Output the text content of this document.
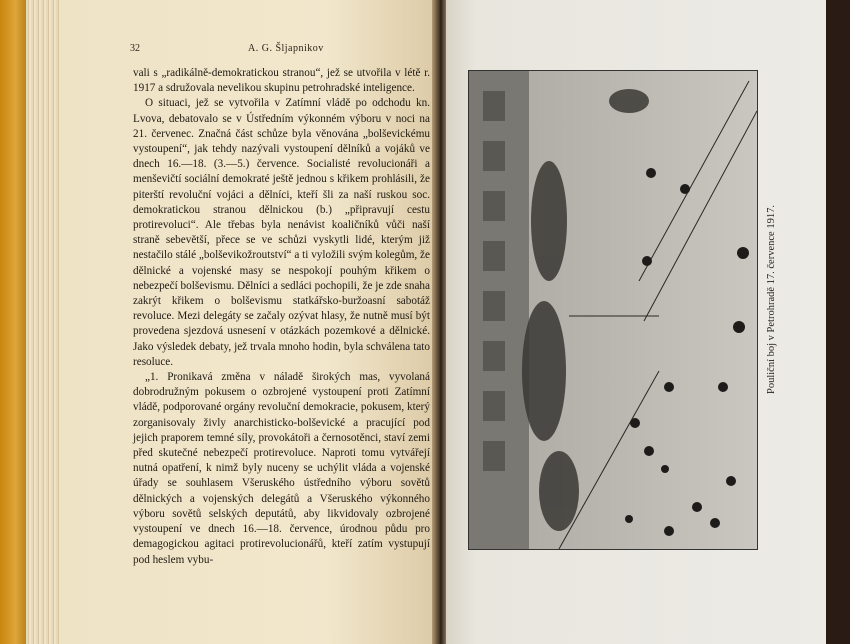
32	A. G. Šljapnikov

vali s „radikálně-demokratickou stranou“, jež se utvořila v létě r. 1917 a sdružovala nevelikou skupinu petrohradské inteligence.

O situaci, jež se vytvořila v Zatímní vládě po odchodu kn. Lvova, debatovalo se v Ústředním výkonném výboru v noci na 21. červenec. Značná část schůze byla věnována „bolševickému vystoupení“, jak tehdy nazývali vystoupení dělníků a vojáků ve dnech 16.—18. (3.—5.) července. Socialisté revolucionáři a menševičtí sociální demokraté ještě jednou s křikem prohlásili, že piterští revoluční vojáci a dělníci, kteří šli za naší ruskou soc. demokratickou stranou dělnickou (b.) „připravují cestu protirevoluci“. Ale třebas byla nenávist koaličníků vůči naší straně sebevětší, přece se ve schůzi vyskytli lidé, kterým již nestačilo stálé „bolševikožroutství“ a ti vyložili svým kolegům, že dělnické a vojenské masy se nespokojí pouhým křikem o nebezpečí bolševismu. Dělníci a sedláci pochopili, že je zde snaha zakrýt křikem o bolševismu statkářsko-buržoasní sabotáž revoluce. Mezi delegáty se začaly ozývat hlasy, že nutně musí být provedena sjezdová usnesení v otázkách pozemkové a dělnické. Jako výsledek debaty, jež trvala mnoho hodin, byla schválena tato resoluce.

„1. Pronikavá změna v náladě širokých mas, vyvolaná dobrodružným pokusem o ozbrojené vystoupení proti Zatímní vládě, podporované orgány revoluční demokracie, pokusem, který zorganisovaly živly anarchisticko-bolševické a pracující pod jejich praporem temné síly, provokátoři a černosotěnci, staví zemi před skutečné nebezpečí protirevoluce. Naproti tomu vytvářejí nutná opatření, k nimž byly nuceny se uchýlit vláda a vojenské úřady se souhlasem Všeruského ústředního výboru sovětů dělnických a vojenských delegátů a Všeruského výkonného výboru sovětů selských deputátů, aby likvidovaly ozbrojené vystoupení ve dnech 16.—18. července, úrodnou půdu pro demagogickou agitaci protirevolucionářů, kteří zatím vystupují pod heslem vybu-

Pouliční boj v Petrohradě 17. července 1917.
